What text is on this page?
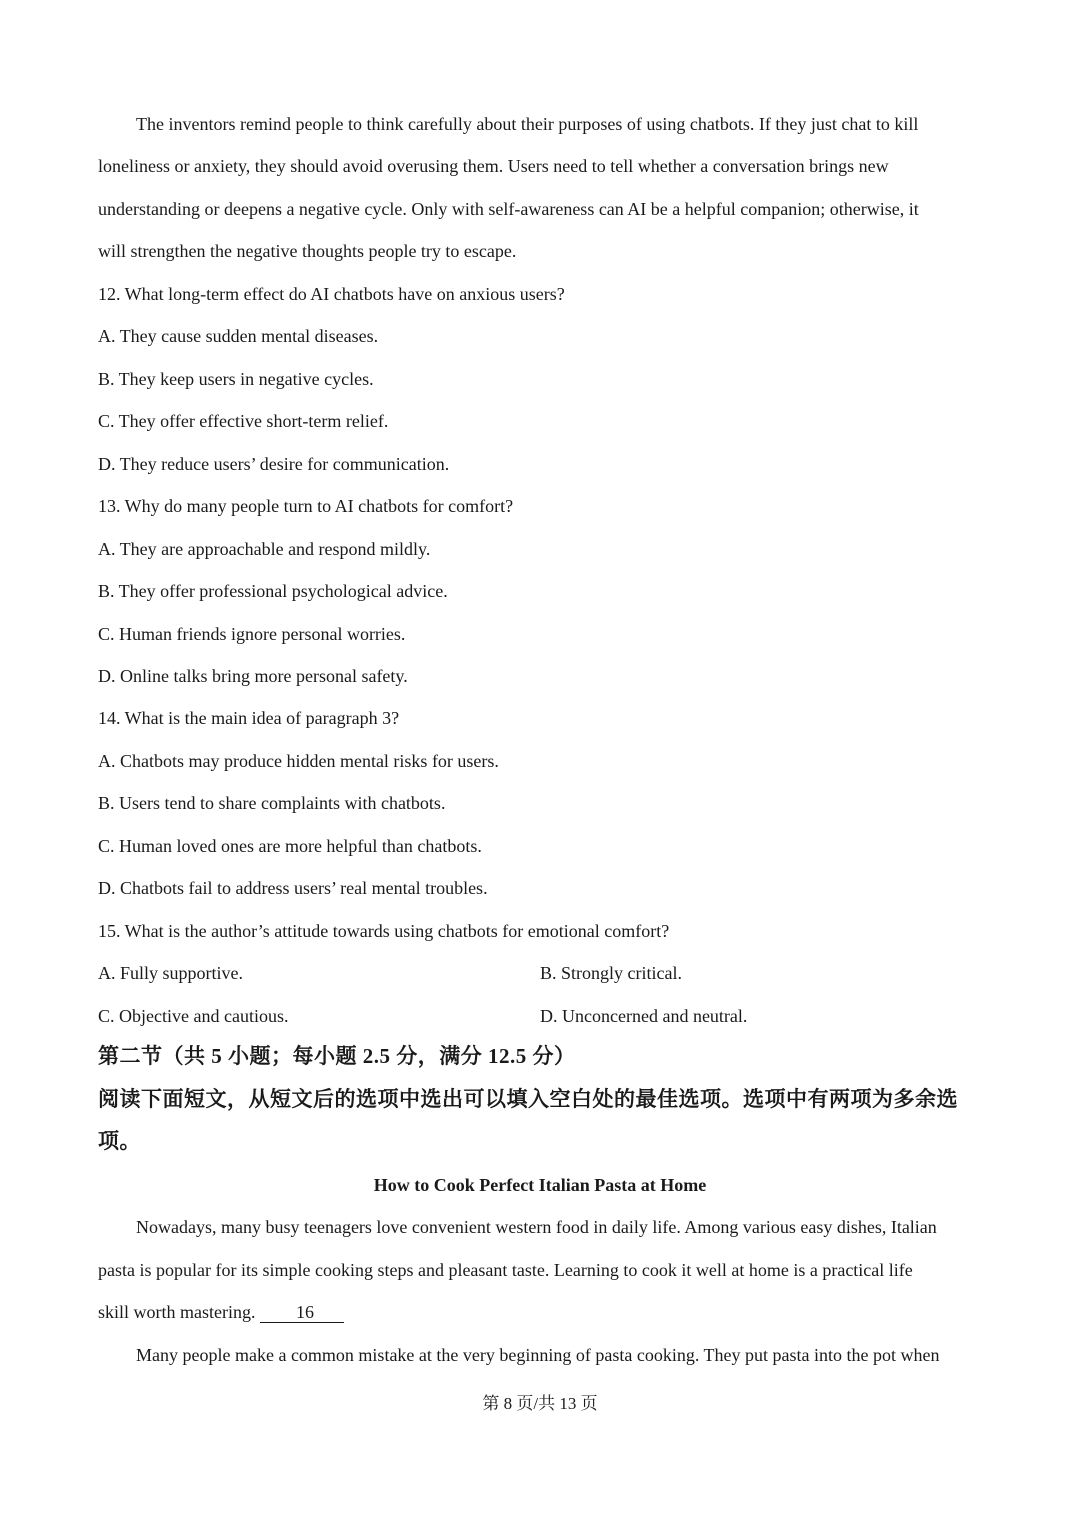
The inventors remind people to think carefully about their purposes of using chatbots. If they just chat to kill
loneliness or anxiety, they should avoid overusing them. Users need to tell whether a conversation brings new
understanding or deepens a negative cycle. Only with self-awareness can AI be a helpful companion; otherwise, it
will strengthen the negative thoughts people try to escape.
12. What long-term effect do AI chatbots have on anxious users?
A. They cause sudden mental diseases.
B. They keep users in negative cycles.
C. They offer effective short-term relief.
D. They reduce users’ desire for communication.
13. Why do many people turn to AI chatbots for comfort?
A. They are approachable and respond mildly.
B. They offer professional psychological advice.
C. Human friends ignore personal worries.
D. Online talks bring more personal safety.
14. What is the main idea of paragraph 3?
A. Chatbots may produce hidden mental risks for users.
B. Users tend to share complaints with chatbots.
C. Human loved ones are more helpful than chatbots.
D. Chatbots fail to address users’ real mental troubles.
15. What is the author’s attitude towards using chatbots for emotional comfort?
A. Fully supportive.	B. Strongly critical.
C. Objective and cautious.	D. Unconcerned and neutral.
第二节（共 5 小题；每小题 2.5 分，满分 12.5 分）
阅读下面短文，从短文后的选项中选出可以填入空白处的最佳选项。选项中有两项为多余选
项。
How to Cook Perfect Italian Pasta at Home
Nowadays, many busy teenagers love convenient western food in daily life. Among various easy dishes, Italian
pasta is popular for its simple cooking steps and pleasant taste. Learning to cook it well at home is a practical life
skill worth mastering. 16
Many people make a common mistake at the very beginning of pasta cooking. They put pasta into the pot when
第 8 页/共 13 页
